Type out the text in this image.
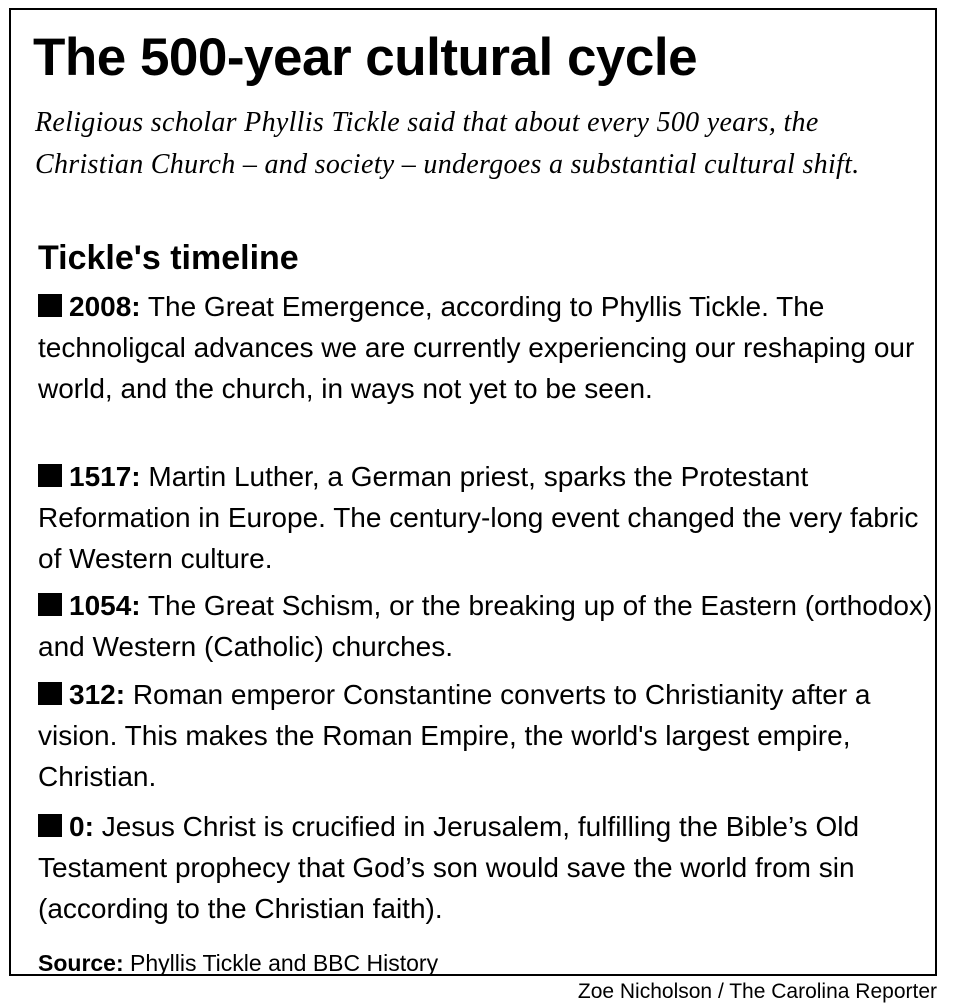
The 500-year cultural cycle

Religious scholar Phyllis Tickle said that about every 500 years, the Christian Church – and society – undergoes a substantial cultural shift.

Tickle's timeline

2008: The Great Emergence, according to Phyllis Tickle. The technoligcal advances we are currently experiencing our reshaping our world, and the church, in ways not yet to be seen.

1517: Martin Luther, a German priest, sparks the Protestant Reformation in Europe. The century-long event changed the very fabric of Western culture.

1054: The Great Schism, or the breaking up of the Eastern (orthodox) and Western (Catholic) churches.

312: Roman emperor Constantine converts to Christianity after a vision. This makes the Roman Empire, the world's largest empire, Christian.

0: Jesus Christ is crucified in Jerusalem, fulfilling the Bible’s Old Testament prophecy that God’s son would save the world from sin (according to the Christian faith).

Source: Phyllis Tickle and BBC History

Zoe Nicholson / The Carolina Reporter
